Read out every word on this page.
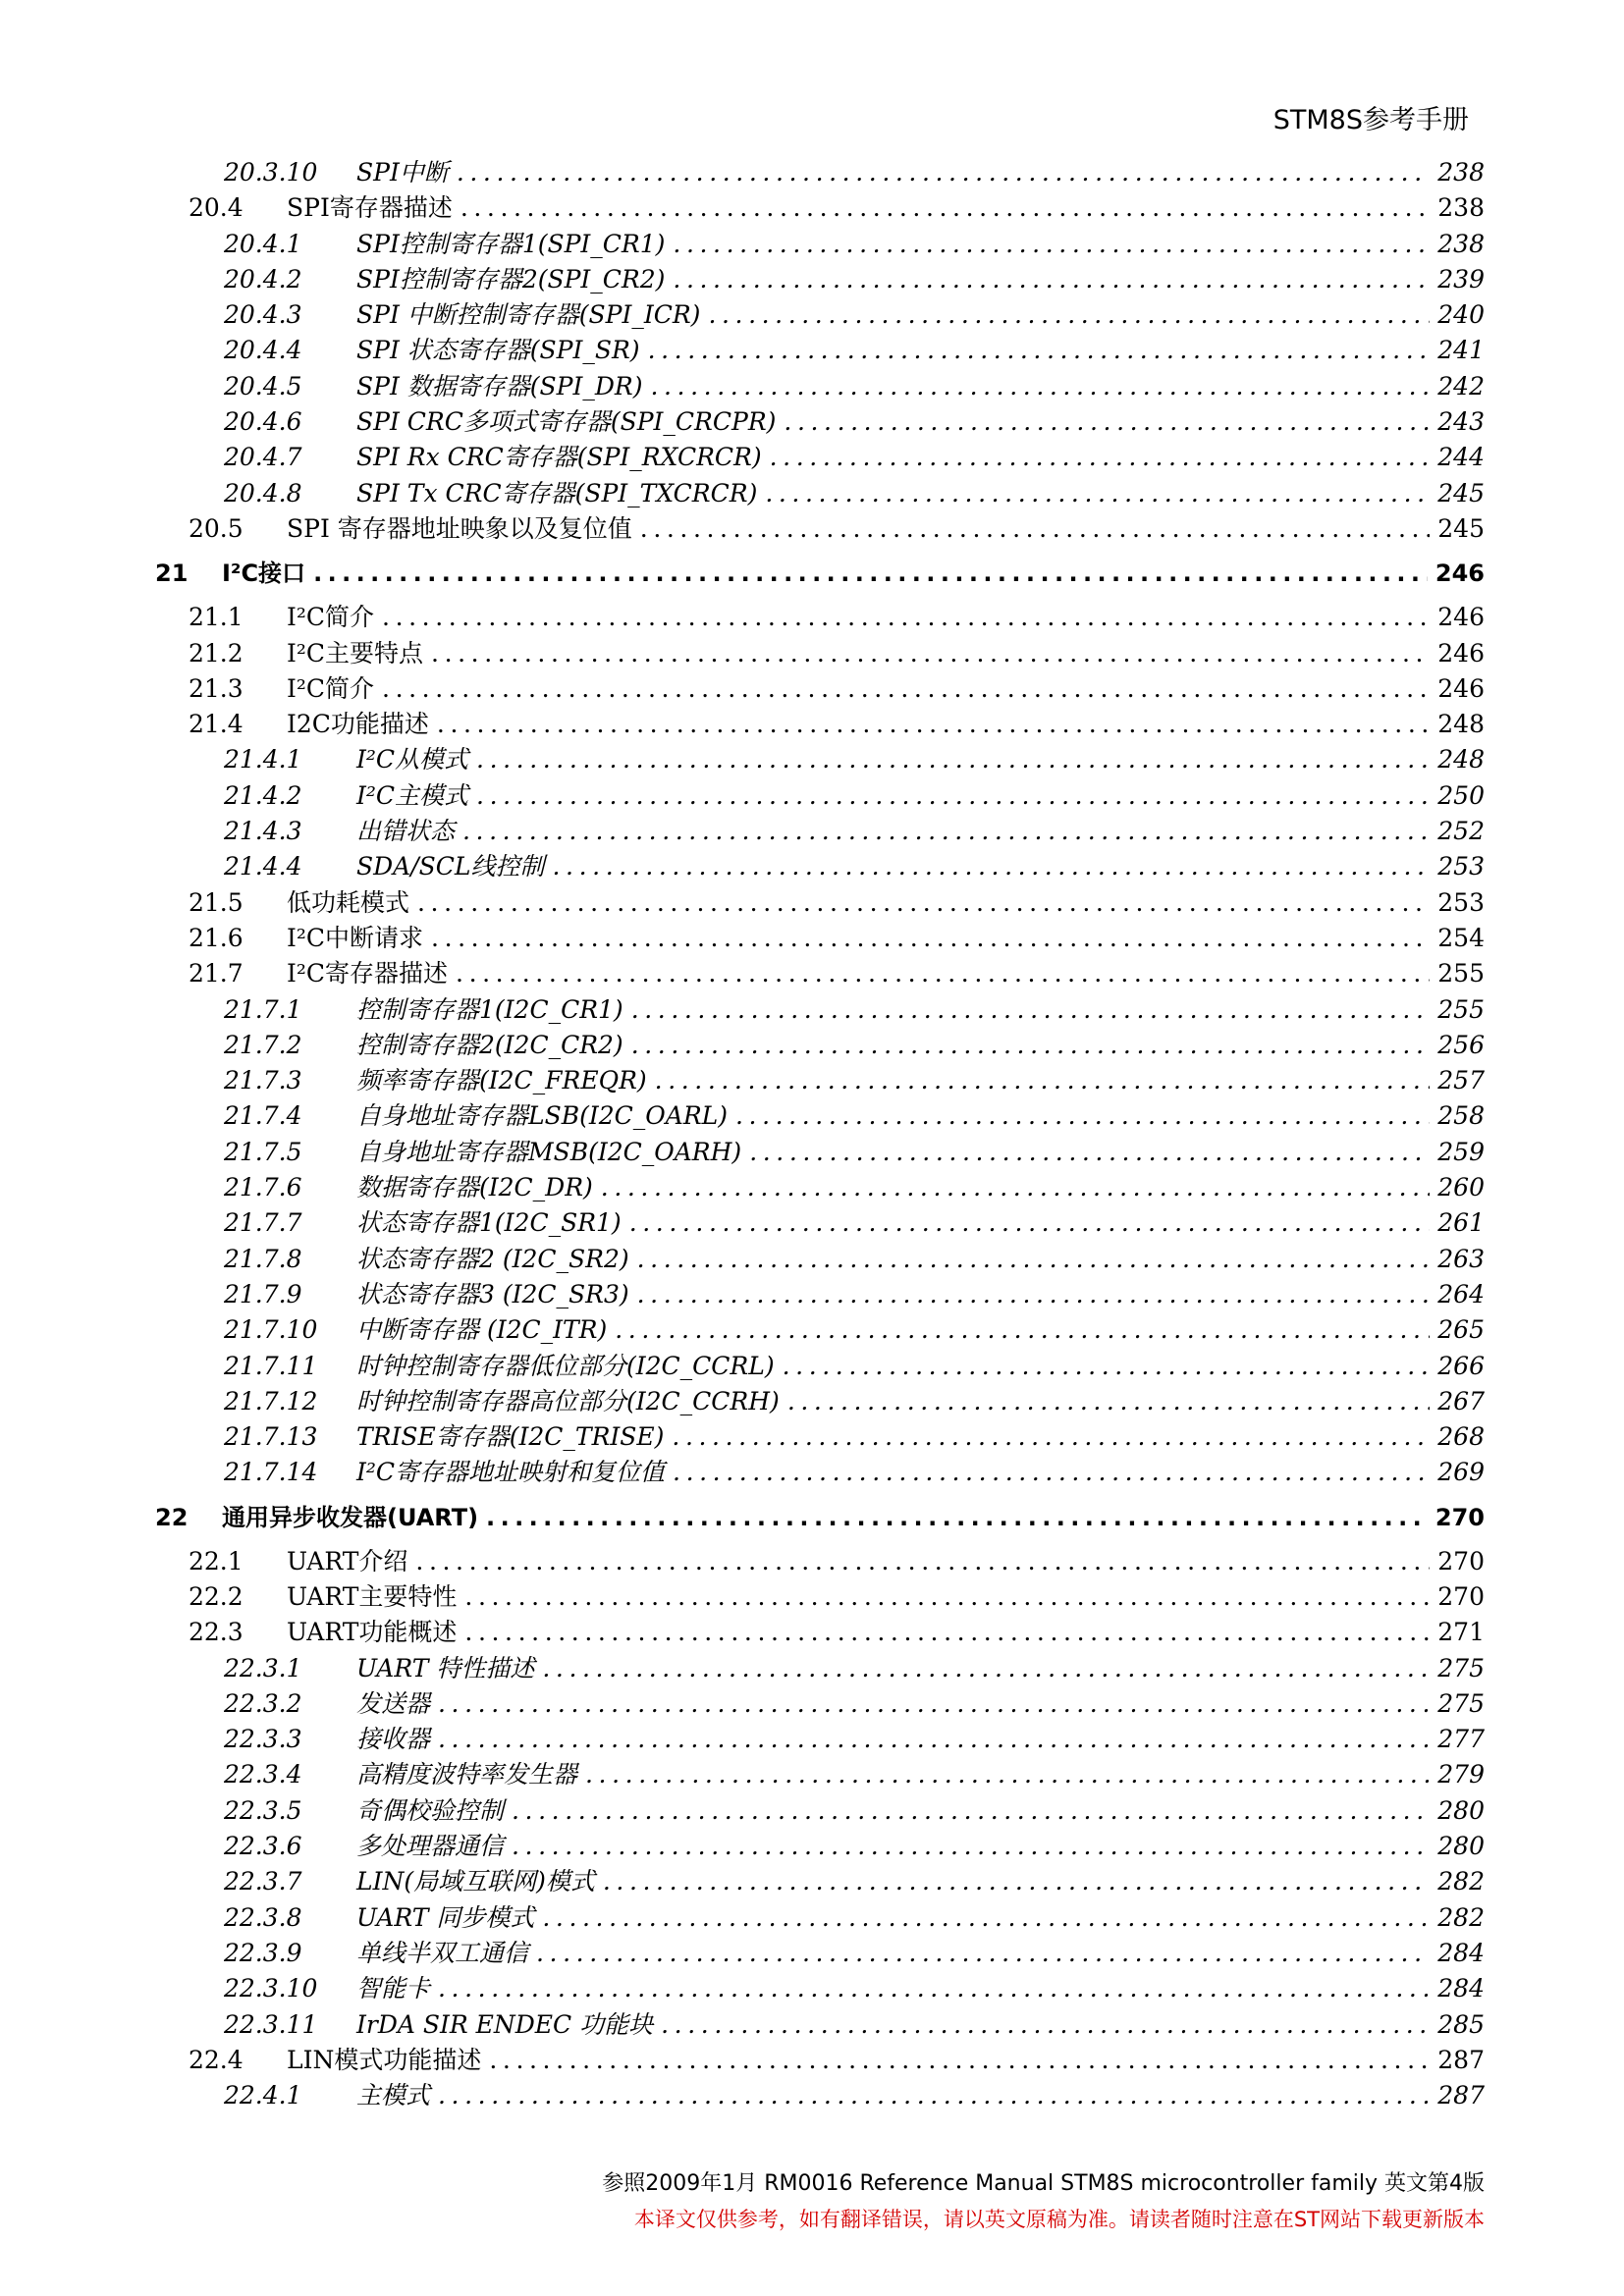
STM8S参考手册
20.3.10	SPI中断 .....	238
20.4	SPI寄存器描述 .....	238
20.4.1	SPI控制寄存器1(SPI_CR1) .....	238
20.4.2	SPI控制寄存器2(SPI_CR2) .....	239
20.4.3	SPI 中断控制寄存器(SPI_ICR) .....	240
20.4.4	SPI 状态寄存器(SPI_SR) .....	241
20.4.5	SPI 数据寄存器(SPI_DR) .....	242
20.4.6	SPI CRC多项式寄存器(SPI_CRCPR) .....	243
20.4.7	SPI Rx CRC寄存器(SPI_RXCRCR) .....	244
20.4.8	SPI Tx CRC寄存器(SPI_TXCRCR) .....	245
20.5	SPI 寄存器地址映象以及复位值 .....	245
21	I²C接口 .....	246
21.1	I²C简介 .....	246
21.2	I²C主要特点 .....	246
21.3	I²C简介 .....	246
21.4	I2C功能描述 .....	248
21.4.1	I²C从模式 .....	248
21.4.2	I²C主模式 .....	250
21.4.3	出错状态 .....	252
21.4.4	SDA/SCL线控制 .....	253
21.5	低功耗模式 .....	253
21.6	I²C中断请求 .....	254
21.7	I²C寄存器描述 .....	255
21.7.1	控制寄存器1(I2C_CR1) .....	255
21.7.2	控制寄存器2(I2C_CR2) .....	256
21.7.3	频率寄存器(I2C_FREQR) .....	257
21.7.4	自身地址寄存器LSB(I2C_OARL) .....	258
21.7.5	自身地址寄存器MSB(I2C_OARH) .....	259
21.7.6	数据寄存器(I2C_DR) .....	260
21.7.7	状态寄存器1(I2C_SR1) .....	261
21.7.8	状态寄存器2 (I2C_SR2) .....	263
21.7.9	状态寄存器3 (I2C_SR3) .....	264
21.7.10	中断寄存器 (I2C_ITR) .....	265
21.7.11	时钟控制寄存器低位部分(I2C_CCRL) .....	266
21.7.12	时钟控制寄存器高位部分(I2C_CCRH) .....	267
21.7.13	TRISE寄存器(I2C_TRISE) .....	268
21.7.14	I²C寄存器地址映射和复位值 .....	269
22	通用异步收发器(UART) .....	270
22.1	UART介绍 .....	270
22.2	UART主要特性 .....	270
22.3	UART功能概述 .....	271
22.3.1	UART 特性描述 .....	275
22.3.2	发送器 .....	275
22.3.3	接收器 .....	277
22.3.4	高精度波特率发生器 .....	279
22.3.5	奇偶校验控制 .....	280
22.3.6	多处理器通信 .....	280
22.3.7	LIN(局域互联网)模式 .....	282
22.3.8	UART 同步模式 .....	282
22.3.9	单线半双工通信 .....	284
22.3.10	智能卡 .....	284
22.3.11	IrDA SIR ENDEC 功能块 .....	285
22.4	LIN模式功能描述 .....	287
22.4.1	主模式 .....	287
参照2009年1月 RM0016 Reference Manual STM8S microcontroller family 英文第4版
本译文仅供参考，如有翻译错误，请以英文原稿为准。请读者随时注意在ST网站下载更新版本
